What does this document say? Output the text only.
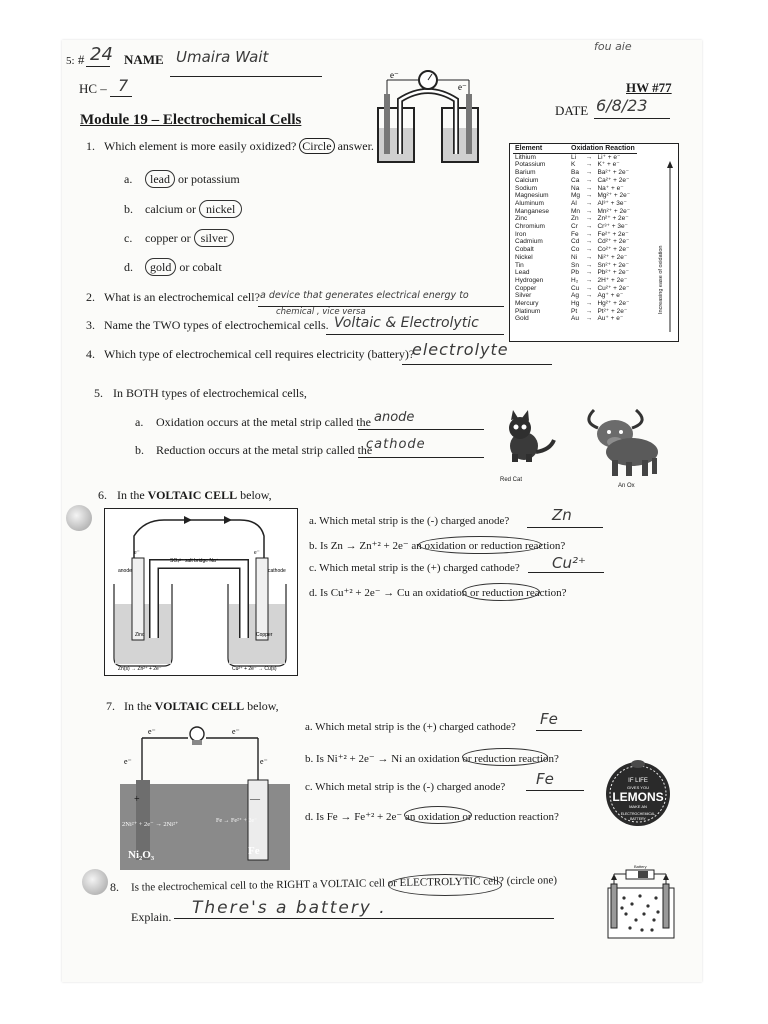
fou aie
5: # 24 NAME Umaira Wait
HC – 7	HW #77
DATE 6/8/23
Module 19 – Electrochemical Cells
e⁻
e⁻
Element	Oxidation Reaction		
Lithium	Li	→	Li⁺ + e⁻
Potassium	K	→	K⁺ + e⁻
Barium	Ba	→	Ba²⁺ + 2e⁻
Calcium	Ca	→	Ca²⁺ + 2e⁻
Sodium	Na	→	Na⁺ + e⁻
Magnesium	Mg	→	Mg²⁺ + 2e⁻
Aluminum	Al	→	Al³⁺ + 3e⁻
Manganese	Mn	→	Mn²⁺ + 2e⁻
Zinc	Zn	→	Zn²⁺ + 2e⁻
Chromium	Cr	→	Cr³⁺ + 3e⁻
Iron	Fe	→	Fe²⁺ + 2e⁻
Cadmium	Cd	→	Cd²⁺ + 2e⁻
Cobalt	Co	→	Co²⁺ + 2e⁻
Nickel	Ni	→	Ni²⁺ + 2e⁻
Tin	Sn	→	Sn²⁺ + 2e⁻
Lead	Pb	→	Pb²⁺ + 2e⁻
Hydrogen	H₂	→	2H⁺ + 2e⁻
Copper	Cu	→	Cu²⁺ + 2e⁻
Silver	Ag	→	Ag⁺ + e⁻
Mercury	Hg	→	Hg²⁺ + 2e⁻
Platinum	Pt	→	Pt²⁺ + 2e⁻
Gold	Au	→	Au⁺ + e⁻
Increasing ease of oxidation
1. Which element is more easily oxidized? Circle answer.
a.	lead or potassium
b. calcium or nickel
c. copper or silver
d.	gold or cobalt
2. What is an electrochemical cell? a device that generates electrical energy to
chemical , vice versa
3. Name the TWO types of electrochemical cells. Voltaic & Electrolytic
4. Which type of electrochemical cell requires electricity (battery)?
electrolyte
5. In BOTH types of electrochemical cells,
a. Oxidation occurs at the metal strip called the anode
b. Reduction occurs at the metal strip called the
cathode
Red Cat
An Ox
6. In the VOLTAIC CELL below,
anode	cathode
SO₄²⁻ salt bridge Na⁺
e⁻	e⁻
Zinc	Copper
Zn(s) → Zn²⁺ + 2e⁻	Cu²⁺ + 2e⁻ → Cu(s)
a. Which metal strip is the (-) charged anode?	Zn
b. Is Zn → Zn⁺² + 2e⁻ an oxidation or reduction reaction?
c. Which metal strip is the (+) charged cathode? Cu²⁺
d. Is Cu⁺² + 2e⁻ → Cu an oxidation or reduction reaction?
7. In the VOLTAIC CELL below,
e⁻	e⁻
e⁻	e⁻
+	—
2Ni²⁺ + 2e⁻ → 2Ni²⁺	Fe → Fe²⁺ + 2e⁻
Ni₂O₃	Fe
a. Which metal strip is the (+) charged cathode? Fe
b. Is Ni⁺² + 2e⁻ → Ni an oxidation or reduction reaction?
c. Which metal strip is the (-) charged anode? Fe
d. Is Fe → Fe⁺² + 2e⁻ an oxidation or reduction reaction?
IF LIFE
GIVES YOU
LEMONS
MAKE AN
ELECTROCHEMICAL
BATTERY
8. Is the electrochemical cell to the RIGHT a VOLTAIC cell or ELECTROLYTIC cell? (circle one)
Explain. There's a battery .
Battery
